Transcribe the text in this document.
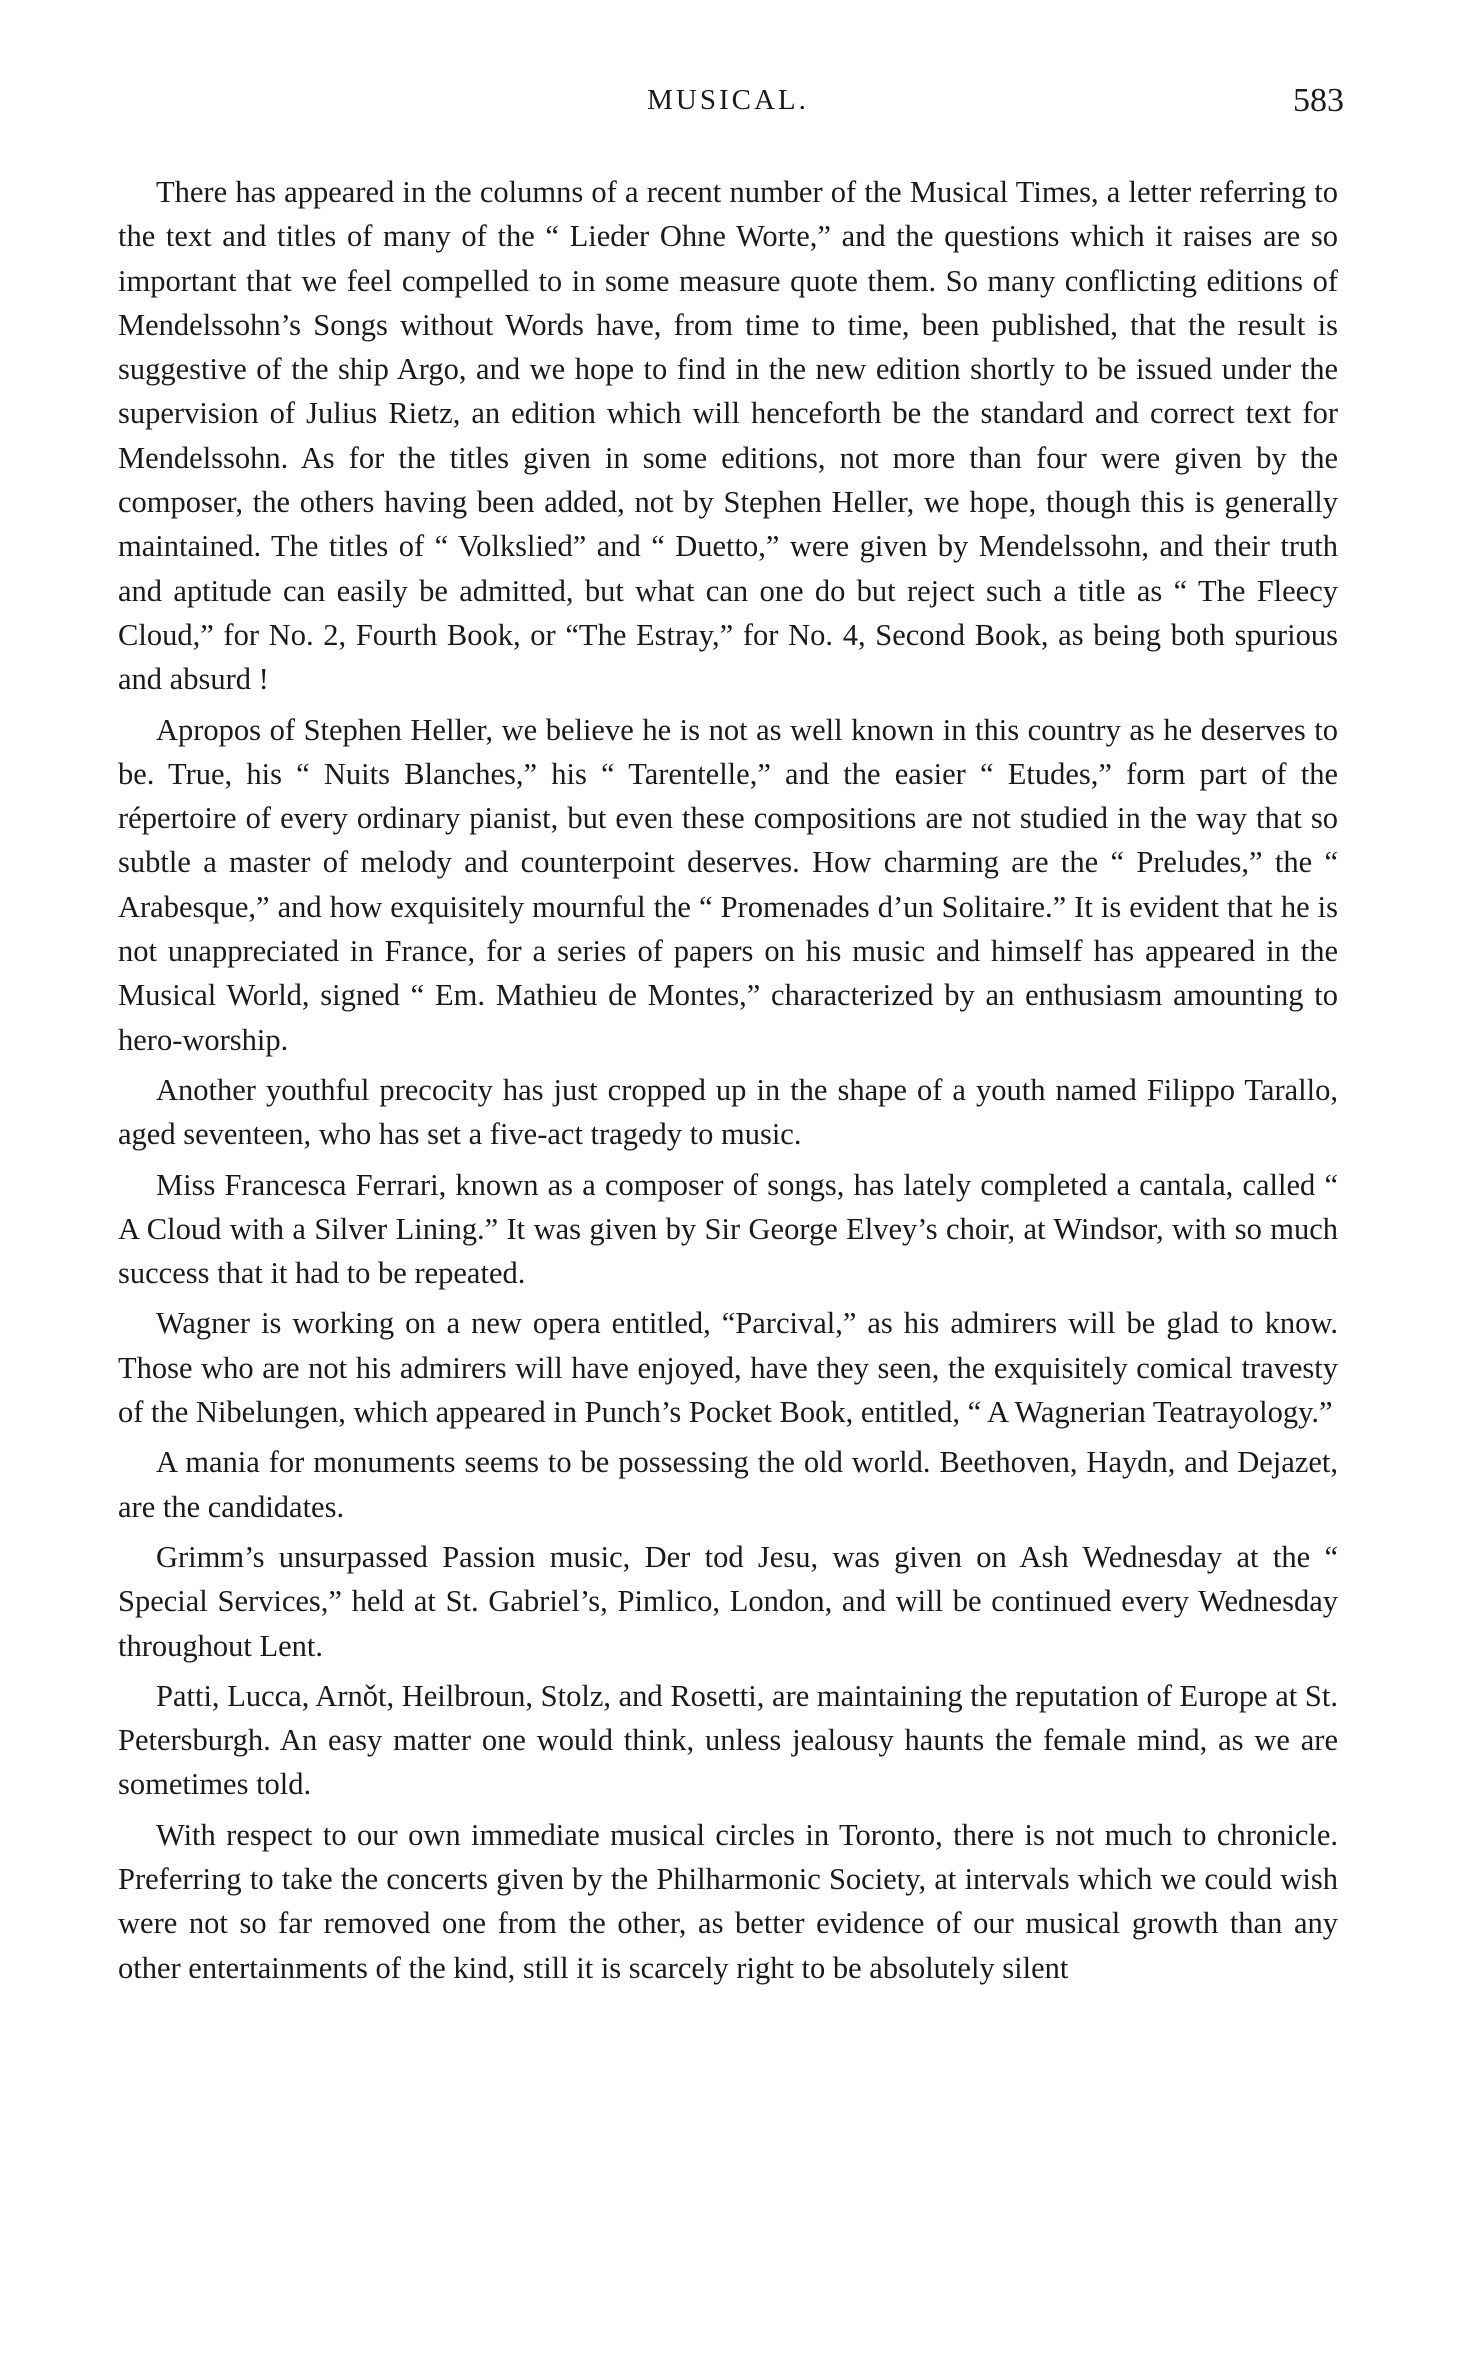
MUSICAL.	583

There has appeared in the columns of a recent number of the Musical Times, a letter referring to the text and titles of many of the “ Lieder Ohne Worte,” and the questions which it raises are so important that we feel compelled to in some measure quote them. So many conflicting editions of Mendelssohn’s Songs without Words have, from time to time, been published, that the result is suggestive of the ship Argo, and we hope to find in the new edition shortly to be issued under the supervision of Julius Rietz, an edition which will henceforth be the standard and correct text for Mendelssohn. As for the titles given in some editions, not more than four were given by the composer, the others having been added, not by Stephen Heller, we hope, though this is generally maintained. The titles of “ Volkslied” and “ Duetto,” were given by Mendelssohn, and their truth and aptitude can easily be admitted, but what can one do but reject such a title as “ The Fleecy Cloud,” for No. 2, Fourth Book, or “The Estray,” for No. 4, Second Book, as being both spurious and absurd !

Apropos of Stephen Heller, we believe he is not as well known in this country as he deserves to be. True, his “ Nuits Blanches,” his “ Tarentelle,” and the easier “ Etudes,” form part of the répertoire of every ordinary pianist, but even these compositions are not studied in the way that so subtle a master of melody and counterpoint deserves. How charming are the “ Preludes,” the “ Arabesque,” and how exquisitely mournful the “ Promenades d’un Solitaire.” It is evident that he is not unappreciated in France, for a series of papers on his music and himself has appeared in the Musical World, signed “ Em. Mathieu de Montes,” characterized by an enthusiasm amounting to hero-worship.

Another youthful precocity has just cropped up in the shape of a youth named Filippo Tarallo, aged seventeen, who has set a five-act tragedy to music.

Miss Francesca Ferrari, known as a composer of songs, has lately completed a cantala, called “ A Cloud with a Silver Lining.” It was given by Sir George Elvey’s choir, at Windsor, with so much success that it had to be repeated.

Wagner is working on a new opera entitled, “Parcival,” as his admirers will be glad to know. Those who are not his admirers will have enjoyed, have they seen, the exquisitely comical travesty of the Nibelungen, which appeared in Punch’s Pocket Book, entitled, “ A Wagnerian Teatrayology.”

A mania for monuments seems to be possessing the old world. Beethoven, Haydn, and Dejazet, are the candidates.

Grimm’s unsurpassed Passion music, Der tod Jesu, was given on Ash Wednesday at the “ Special Services,” held at St. Gabriel’s, Pimlico, London, and will be continued every Wednesday throughout Lent.

Patti, Lucca, Arnǒt, Heilbroun, Stolz, and Rosetti, are maintaining the reputation of Europe at St. Petersburgh. An easy matter one would think, unless jealousy haunts the female mind, as we are sometimes told.

With respect to our own immediate musical circles in Toronto, there is not much to chronicle. Preferring to take the concerts given by the Philharmonic Society, at intervals which we could wish were not so far removed one from the other, as better evidence of our musical growth than any other entertainments of the kind, still it is scarcely right to be absolutely silent
